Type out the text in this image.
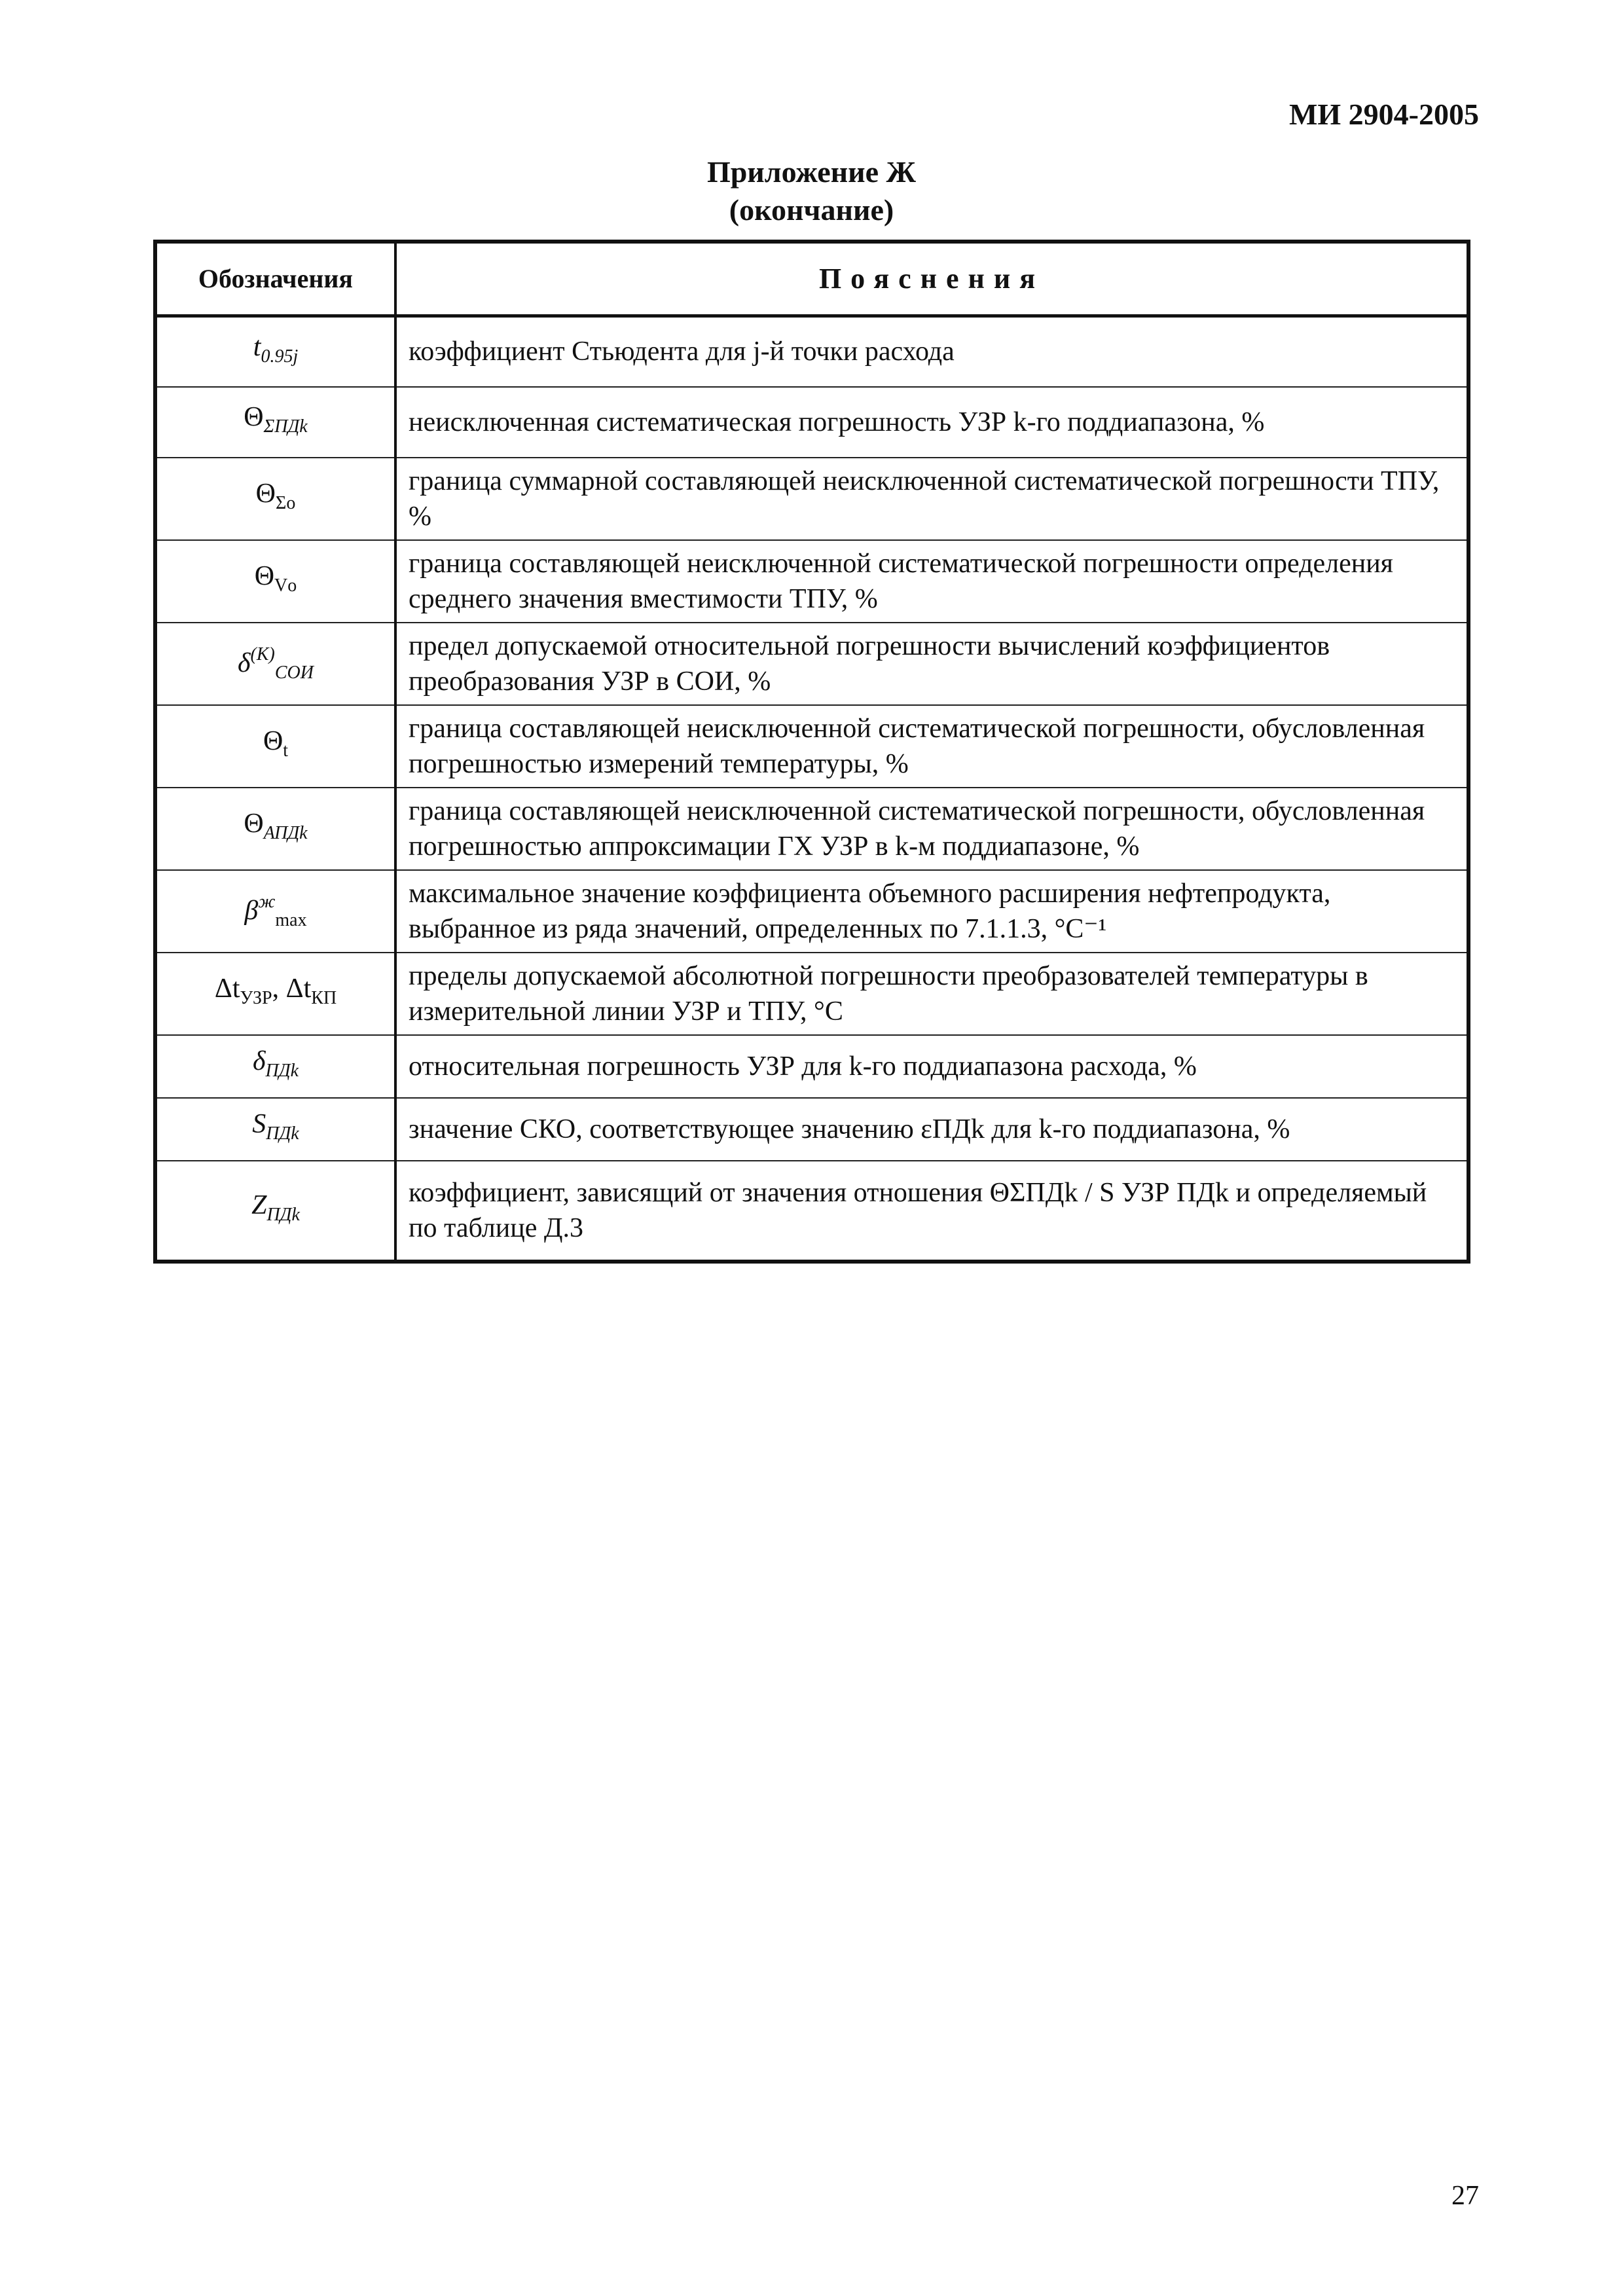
МИ 2904-2005
Приложение Ж
(окончание)
Обозначения	Пояснения
$t_{0.95j}$	коэффициент Стьюдента для j-й точки расхода
$\Theta_{\Sigma ПДk}$	неисключенная систематическая погрешность УЗР k-го поддиапазона, %
$\Theta_{\Sigma о}$	граница суммарной составляющей неисключенной систематической погрешности ТПУ, %
$\Theta_{Vо}$	граница составляющей неисключенной систематической погрешности определения среднего значения вместимости ТПУ, %
$\delta^{(K)}_{СОИ}$	предел допускаемой относительной погрешности вычислений коэффициентов преобразования УЗР в СОИ, %
$\Theta_t$	граница составляющей неисключенной систематической погрешности, обусловленная погрешностью измерений температуры, %
$\Theta_{АПДk}$	граница составляющей неисключенной систематической погрешности, обусловленная погрешностью аппроксимации ГХ УЗР в k-м поддиапазоне, %
$\beta^ж_{max}$	максимальное значение коэффициента объемного расширения нефтепродукта, выбранное из ряда значений, определенных по 7.1.1.3, °С⁻¹
$\Delta t_{УЗР}$, $\Delta t_{КП}$	пределы допускаемой абсолютной погрешности преобразователей температуры в измерительной линии УЗР и ТПУ, °С
$\delta_{ПДk}$	относительная погрешность УЗР для k-го поддиапазона расхода, %
$S_{ПДk}$	значение СКО, соответствующее значению εПДk для k-го поддиапазона, %
$Z_{ПДk}$	коэффициент, зависящий от значения отношения ΘΣПДk / S УЗР ПДk и определяемый по таблице Д.3
27
